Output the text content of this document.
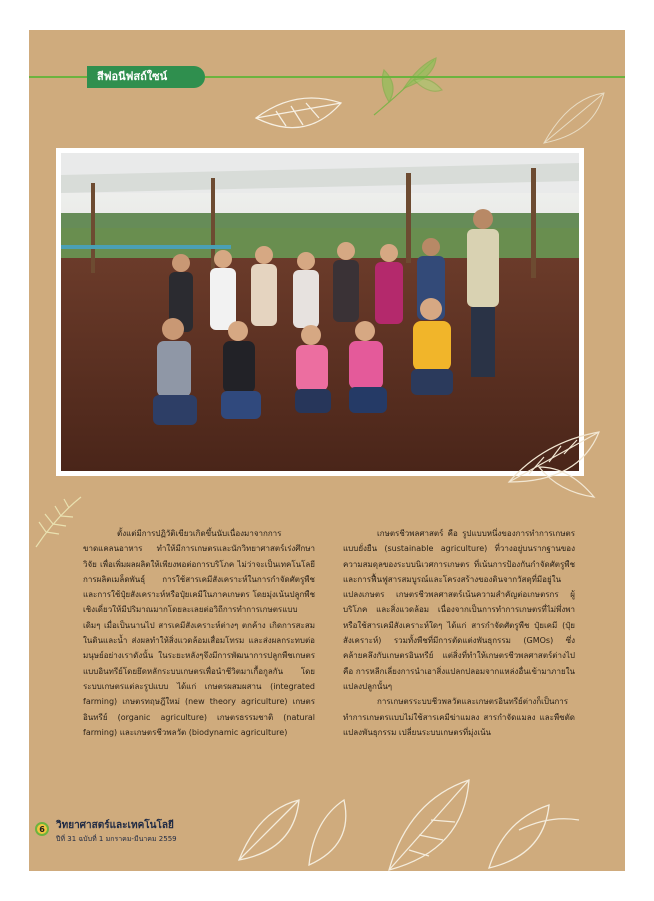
สีฟอนีฟสถ์ใซน์

ตั้งแต่มีการปฏิวัติเขียวเกิดขึ้นนับเนื่องมาจากการขาดแคลนอาหาร ทำให้มีการเกษตรและนักวิทยาศาสตร์เร่งศึกษา วิจัย เพื่อเพิ่มผลผลิตให้เพียงพอต่อการบริโภค ไม่ว่าจะเป็นเทคโนโลยีการผลิตเมล็ดพันธุ์ การใช้สารเคมีสังเคราะห์ในการกำจัดศัตรูพืช และการใช้ปุ๋ยสังเคราะห์หรือปุ๋ยเคมีในภาคเกษตร โดยมุ่งเน้นปลูกพืชเชิงเดี่ยวให้มีปริมาณมากโดยละเลยต่อวิถีการทำการเกษตรแบบเดิมๆ เมื่อเป็นนานไป สารเคมีสังเคราะห์ต่างๆ ตกค้าง เกิดการสะสมในดินและน้ำ ส่งผลทำให้สิ่งแวดล้อมเสื่อมโทรม และส่งผลกระทบต่อมนุษย์อย่างเราดังนั้น ในระยะหลังๆจึงมีการพัฒนาการปลูกพืชเกษตรแบบอินทรีย์โดยยึดหลักระบบเกษตรเพื่อนำชีวิตมาเกื้อกูลกัน โดยระบบเกษตรแต่ละรูปแบบ ได้แก่ เกษตรผสมผสาน (integrated farming) เกษตรทฤษฎีใหม่ (new theory agriculture) เกษตรอินทรีย์ (organic agriculture) เกษตรธรรมชาติ (natural farming) และเกษตรชีวพลวัต (biodynamic agriculture)

เกษตรชีวพลศาสตร์ คือ รูปแบบหนึ่งของการทำการเกษตรแบบยั่งยืน (sustainable agriculture) ที่วางอยู่บนรากฐานของความสมดุลของระบบนิเวศการเกษตร ที่เน้นการป้องกันกำจัดศัตรูพืช และการฟื้นฟูสารสมบูรณ์และโครงสร้างของดินจากวัสดุที่มีอยู่ในแปลงเกษตร เกษตรชีวพลศาสตร์เน้นความสำคัญต่อเกษตรกร ผู้บริโภค และสิ่งแวดล้อม เนื่องจากเป็นการทำการเกษตรที่ไม่พึ่งพาหรือใช้สารเคมีสังเคราะห์ใดๆ ได้แก่ สารกำจัดศัตรูพืช ปุ๋ยเคมี (ปุ๋ยสังเคราะห์) รวมทั้งพืชที่มีการตัดแต่งพันธุกรรม (GMOs) ซึ่งคล้ายคลึงกับเกษตรอินทรีย์ แต่สิ่งที่ทำให้เกษตรชีวพลศาสตร์ต่างไป คือ การหลีกเลี่ยงการนำเอาสิ่งแปลกปลอมจากแหล่งอื่นเข้ามาภายในแปลงปลูกนั้นๆ

การเกษตรระบบชีวพลวัตและเกษตรอินทรีย์ต่างก็เป็นการทำการเกษตรแบบไม่ใช้สารเคมีฆ่าแมลง สารกำจัดแมลง และพืชตัดแปลงพันธุกรรม เปลี่ยนระบบเกษตรที่มุ่งเน้น

6	วิทยาศาสตร์และเทคโนโลยี
ปีที่ 31 ฉบับที่ 1 มกราคม-มีนาคม 2559
